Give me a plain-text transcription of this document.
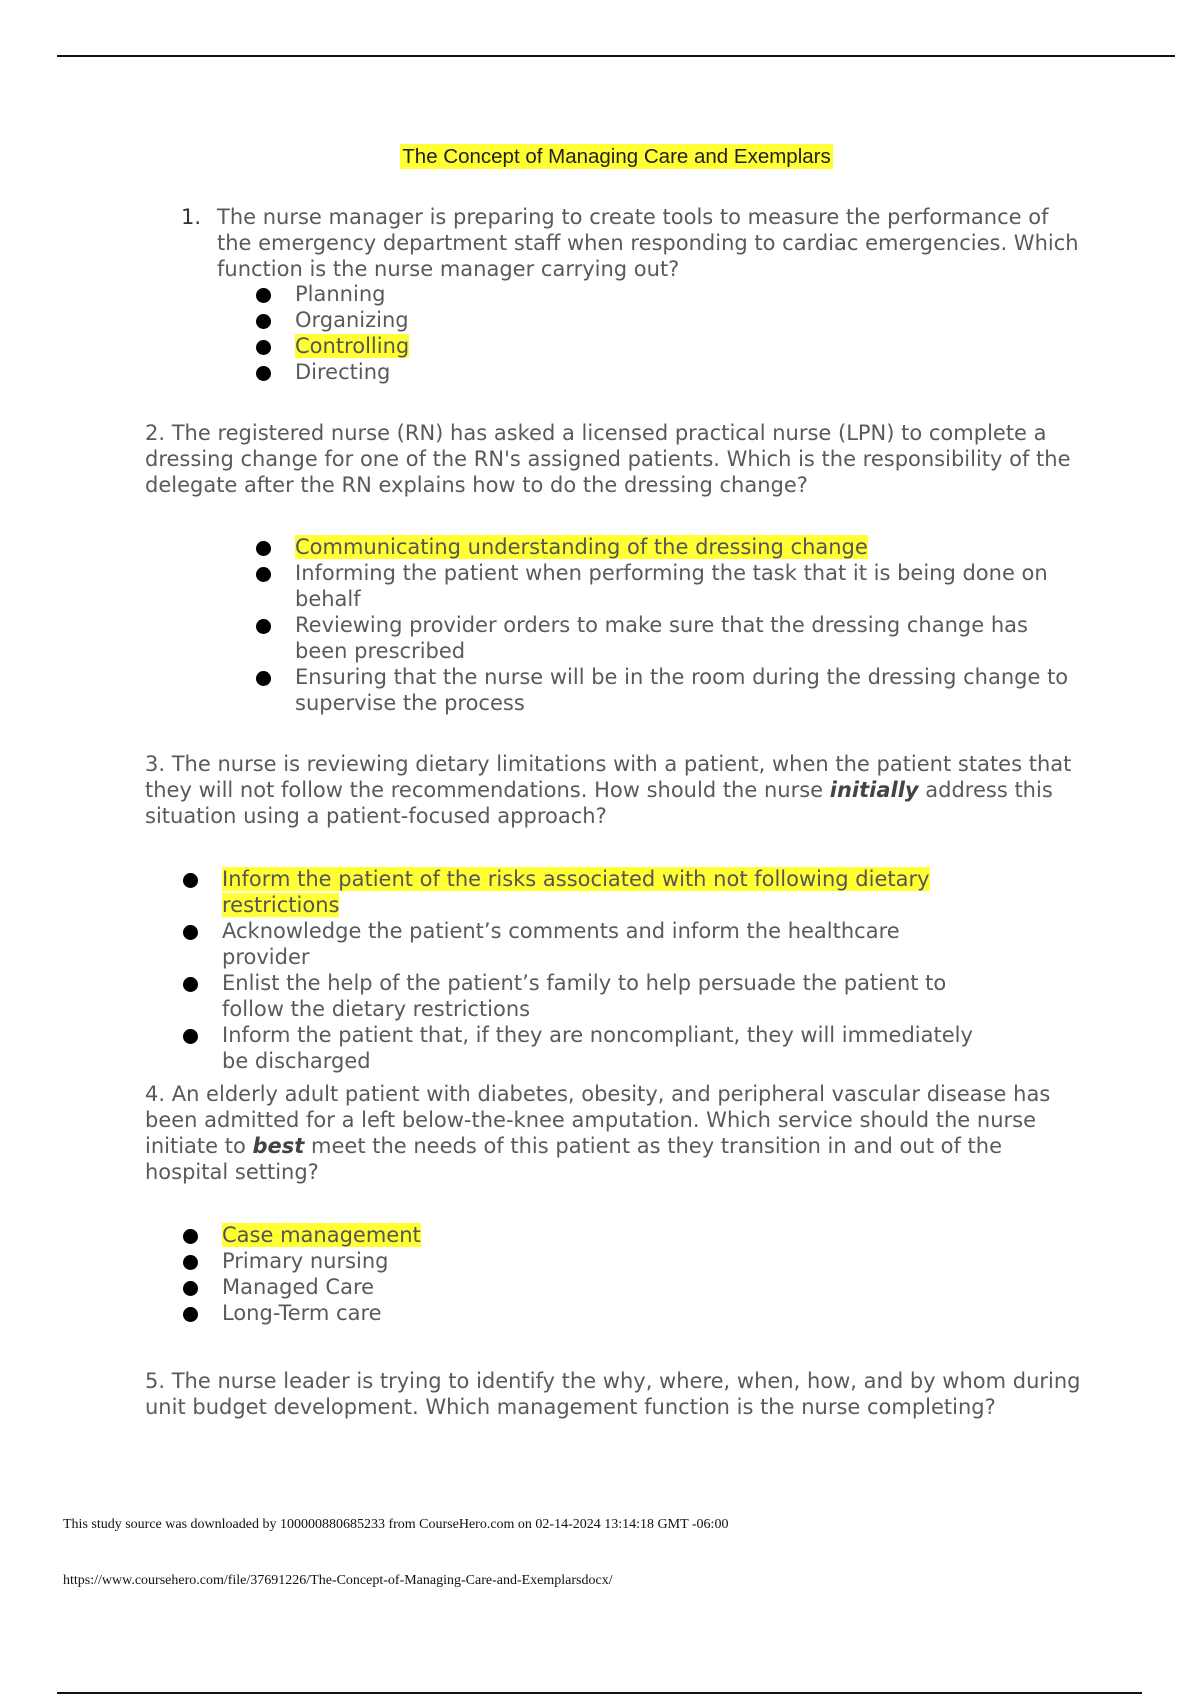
The Concept of Managing Care and Exemplars
1. The nurse manager is preparing to create tools to measure the performance of the emergency department staff when responding to cardiac emergencies. Which function is the nurse manager carrying out?

Planning
Organizing
Controlling
Directing

2. The registered nurse (RN) has asked a licensed practical nurse (LPN) to complete a dressing change for one of the RN's assigned patients. Which is the responsibility of the delegate after the RN explains how to do the dressing change?

Communicating understanding of the dressing change
Informing the patient when performing the task that it is being done on behalf
Reviewing provider orders to make sure that the dressing change has been prescribed
Ensuring that the nurse will be in the room during the dressing change to supervise the process

3. The nurse is reviewing dietary limitations with a patient, when the patient states that they will not follow the recommendations. How should the nurse initially address this situation using a patient-focused approach?

Inform the patient of the risks associated with not following dietary restrictions
Acknowledge the patient’s comments and inform the healthcare provider
Enlist the help of the patient’s family to help persuade the patient to follow the dietary restrictions
Inform the patient that, if they are noncompliant, they will immediately be discharged

4. An elderly adult patient with diabetes, obesity, and peripheral vascular disease has been admitted for a left below-the-knee amputation. Which service should the nurse initiate to best meet the needs of this patient as they transition in and out of the hospital setting?

Case management
Primary nursing
Managed Care
Long-Term care

5. The nurse leader is trying to identify the why, where, when, how, and by whom during unit budget development. Which management function is the nurse completing?

This study source was downloaded by 100000880685233 from CourseHero.com on 02-14-2024 13:14:18 GMT -06:00
https://www.coursehero.com/file/37691226/The-Concept-of-Managing-Care-and-Exemplarsdocx/
